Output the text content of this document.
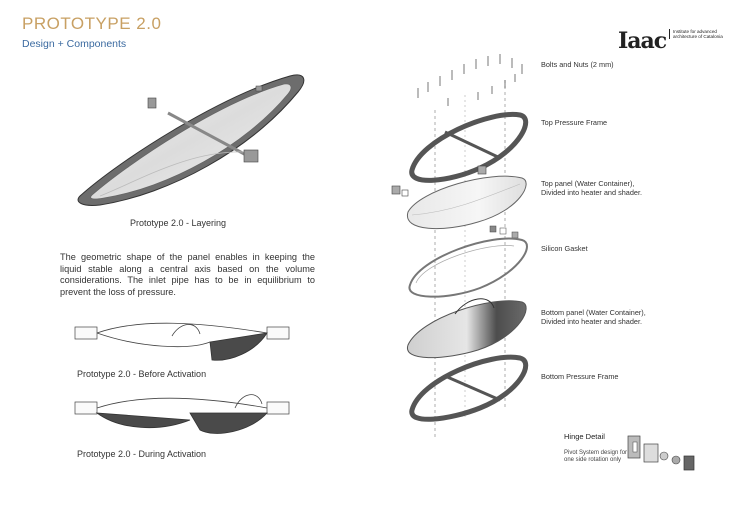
PROTOTYPE 2.0
Design + Components	Iaac	Institute for advanced architecture of Catalonia
Prototype 2.0 - Layering
The geometric shape of the panel enables in keeping the liquid stable along a central axis based on the volume considerations. The inlet pipe has to be in equilibrium to prevent the loss of pressure.
Prototype 2.0 - Before Activation
Prototype 2.0 - During Activation
Bolts and Nuts (2 mm)
Top Pressure Frame
Top panel (Water Container), Divided into heater and shader.
Silicon Gasket
Bottom panel (Water Container), Divided into heater and shader.
Bottom Pressure Frame
Hinge Detail
Pivot System design for one side rotation only
